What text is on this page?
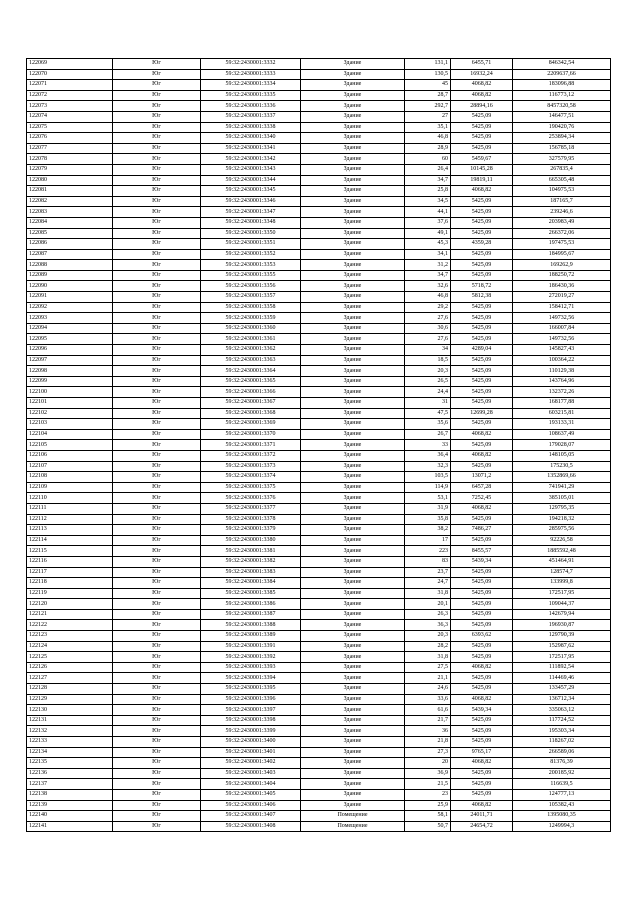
122069	Юг	59:32:2430001:3332	Здание	131,1	6455,71	846342,54
122070	Юг	59:32:2430001:3333	Здание	130,5	16932,24	2209637,66
122071	Юг	59:32:2430001:3334	Здание	45	4068,82	183096,88
122072	Юг	59:32:2430001:3335	Здание	28,7	4068,82	116773,12
122073	Юг	59:32:2430001:3336	Здание	292,7	28894,16	8457320,58
122074	Юг	59:32:2430001:3337	Здание	27	5425,09	146477,51
122075	Юг	59:32:2430001:3338	Здание	35,1	5425,09	190420,76
122076	Юг	59:32:2430001:3340	Здание	46,8	5425,09	253894,34
122077	Юг	59:32:2430001:3341	Здание	28,9	5425,09	156785,18
122078	Юг	59:32:2430001:3342	Здание	60	5459,67	327579,95
122079	Юг	59:32:2430001:3343	Здание	26,4	10145,28	267835,4
122080	Юг	59:32:2430001:3344	Здание	34,7	19819,11	665305,48
122081	Юг	59:32:2430001:3345	Здание	25,8	4068,82	104975,53
122082	Юг	59:32:2430001:3346	Здание	34,5	5425,09	187165,7
122083	Юг	59:32:2430001:3347	Здание	44,1	5425,09	239246,6
122084	Юг	59:32:2430001:3348	Здание	37,6	5425,09	203983,49
122085	Юг	59:32:2430001:3350	Здание	49,1	5425,09	266372,06
122086	Юг	59:32:2430001:3351	Здание	45,3	4359,28	197475,53
122087	Юг	59:32:2430001:3352	Здание	34,1	5425,09	184995,67
122088	Юг	59:32:2430001:3353	Здание	31,2	5425,09	169262,9
122089	Юг	59:32:2430001:3355	Здание	34,7	5425,09	188250,72
122090	Юг	59:32:2430001:3356	Здание	32,6	5718,72	186430,36
122091	Юг	59:32:2430001:3357	Здание	46,8	5812,38	272019,27
122092	Юг	59:32:2430001:3358	Здание	29,2	5425,09	158412,71
122093	Юг	59:32:2430001:3359	Здание	27,6	5425,09	149732,56
122094	Юг	59:32:2430001:3360	Здание	30,6	5425,09	166007,84
122095	Юг	59:32:2430001:3361	Здание	27,6	5425,09	149732,56
122096	Юг	59:32:2430001:3362	Здание	34	4289,04	145827,43
122097	Юг	59:32:2430001:3363	Здание	18,5	5425,09	100364,22
122098	Юг	59:32:2430001:3364	Здание	20,3	5425,09	110129,38
122099	Юг	59:32:2430001:3365	Здание	26,5	5425,09	143764,96
122100	Юг	59:32:2430001:3366	Здание	24,4	5425,09	132372,26
122101	Юг	59:32:2430001:3367	Здание	31	5425,09	168177,88
122102	Юг	59:32:2430001:3368	Здание	47,5	12699,28	603215,81
122103	Юг	59:32:2430001:3369	Здание	35,6	5425,09	193133,31
122104	Юг	59:32:2430001:3370	Здание	26,7	4068,82	108637,49
122105	Юг	59:32:2430001:3371	Здание	33	5425,09	179028,07
122106	Юг	59:32:2430001:3372	Здание	36,4	4068,82	148105,05
122107	Юг	59:32:2430001:3373	Здание	32,3	5425,09	175230,5
122108	Юг	59:32:2430001:3374	Здание	103,5	13071,2	1352869,66
122109	Юг	59:32:2430001:3375	Здание	114,9	6457,28	741941,29
122110	Юг	59:32:2430001:3376	Здание	53,1	7252,45	385105,01
122111	Юг	59:32:2430001:3377	Здание	31,9	4068,82	129795,35
122112	Юг	59:32:2430001:3378	Здание	35,8	5425,09	194218,32
122113	Юг	59:32:2430001:3379	Здание	38,2	7486,27	285975,56
122114	Юг	59:32:2430001:3380	Здание	17	5425,09	92226,58
122115	Юг	59:32:2430001:3381	Здание	223	8455,57	1885592,48
122116	Юг	59:32:2430001:3382	Здание	83	5439,34	451464,91
122117	Юг	59:32:2430001:3383	Здание	23,7	5425,09	128574,7
122118	Юг	59:32:2430001:3384	Здание	24,7	5425,09	133999,8
122119	Юг	59:32:2430001:3385	Здание	31,8	5425,09	172517,95
122120	Юг	59:32:2430001:3386	Здание	20,1	5425,09	109044,37
122121	Юг	59:32:2430001:3387	Здание	26,3	5425,09	142679,94
122122	Юг	59:32:2430001:3388	Здание	36,3	5425,09	196930,87
122123	Юг	59:32:2430001:3389	Здание	20,3	6393,62	129790,39
122124	Юг	59:32:2430001:3391	Здание	28,2	5425,09	152987,62
122125	Юг	59:32:2430001:3392	Здание	31,8	5425,09	172517,95
122126	Юг	59:32:2430001:3393	Здание	27,5	4068,82	111892,54
122127	Юг	59:32:2430001:3394	Здание	21,1	5425,09	114469,46
122128	Юг	59:32:2430001:3395	Здание	24,6	5425,09	133457,29
122129	Юг	59:32:2430001:3396	Здание	33,6	4068,82	136712,34
122130	Юг	59:32:2430001:3397	Здание	61,6	5439,34	335063,12
122131	Юг	59:32:2430001:3398	Здание	21,7	5425,09	117724,52
122132	Юг	59:32:2430001:3399	Здание	36	5425,09	195303,34
122133	Юг	59:32:2430001:3400	Здание	21,8	5425,09	118267,02
122134	Юг	59:32:2430001:3401	Здание	27,3	9765,17	266589,06
122135	Юг	59:32:2430001:3402	Здание	20	4068,82	81376,39
122136	Юг	59:32:2430001:3403	Здание	36,9	5425,09	200185,92
122137	Юг	59:32:2430001:3404	Здание	21,5	5425,09	116639,5
122138	Юг	59:32:2430001:3405	Здание	23	5425,09	124777,13
122139	Юг	59:32:2430001:3406	Здание	25,9	4068,82	105382,43
122140	Юг	59:32:2430001:3407	Помещение	58,1	24011,71	1395080,35
122141	Юг	59:32:2430001:3408	Помещение	50,7	24654,72	1249994,3
